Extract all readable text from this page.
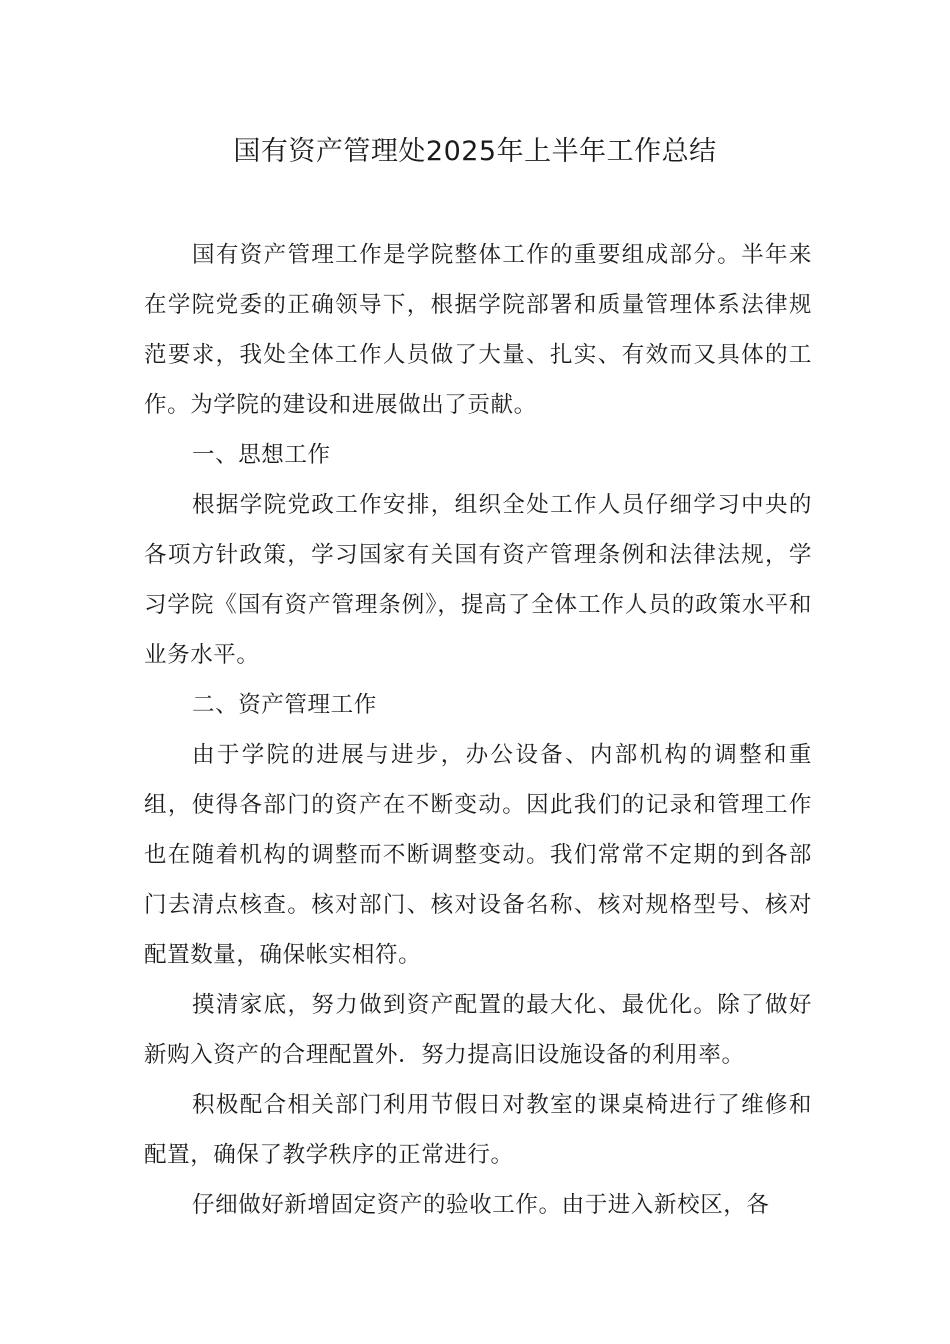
国有资产管理处2025年上半年工作总结

国有资产管理工作是学院整体工作的重要组成部分。半年来在学院党委的正确领导下，根据学院部署和质量管理体系法律规范要求，我处全体工作人员做了大量、扎实、有效而又具体的工作。为学院的建设和进展做出了贡献。

一、思想工作

根据学院党政工作安排，组织全处工作人员仔细学习中央的各项方针政策，学习国家有关国有资产管理条例和法律法规，学习学院《国有资产管理条例》，提高了全体工作人员的政策水平和业务水平。

二、资产管理工作

由于学院的进展与进步，办公设备、内部机构的调整和重组，使得各部门的资产在不断变动。因此我们的记录和管理工作也在随着机构的调整而不断调整变动。我们常常不定期的到各部门去清点核查。核对部门、核对设备名称、核对规格型号、核对配置数量，确保帐实相符。

摸清家底，努力做到资产配置的最大化、最优化。除了做好新购入资产的合理配置外．努力提高旧设施设备的利用率。

积极配合相关部门利用节假日对教室的课桌椅进行了维修和配置，确保了教学秩序的正常进行。

仔细做好新增固定资产的验收工作。由于进入新校区，各
